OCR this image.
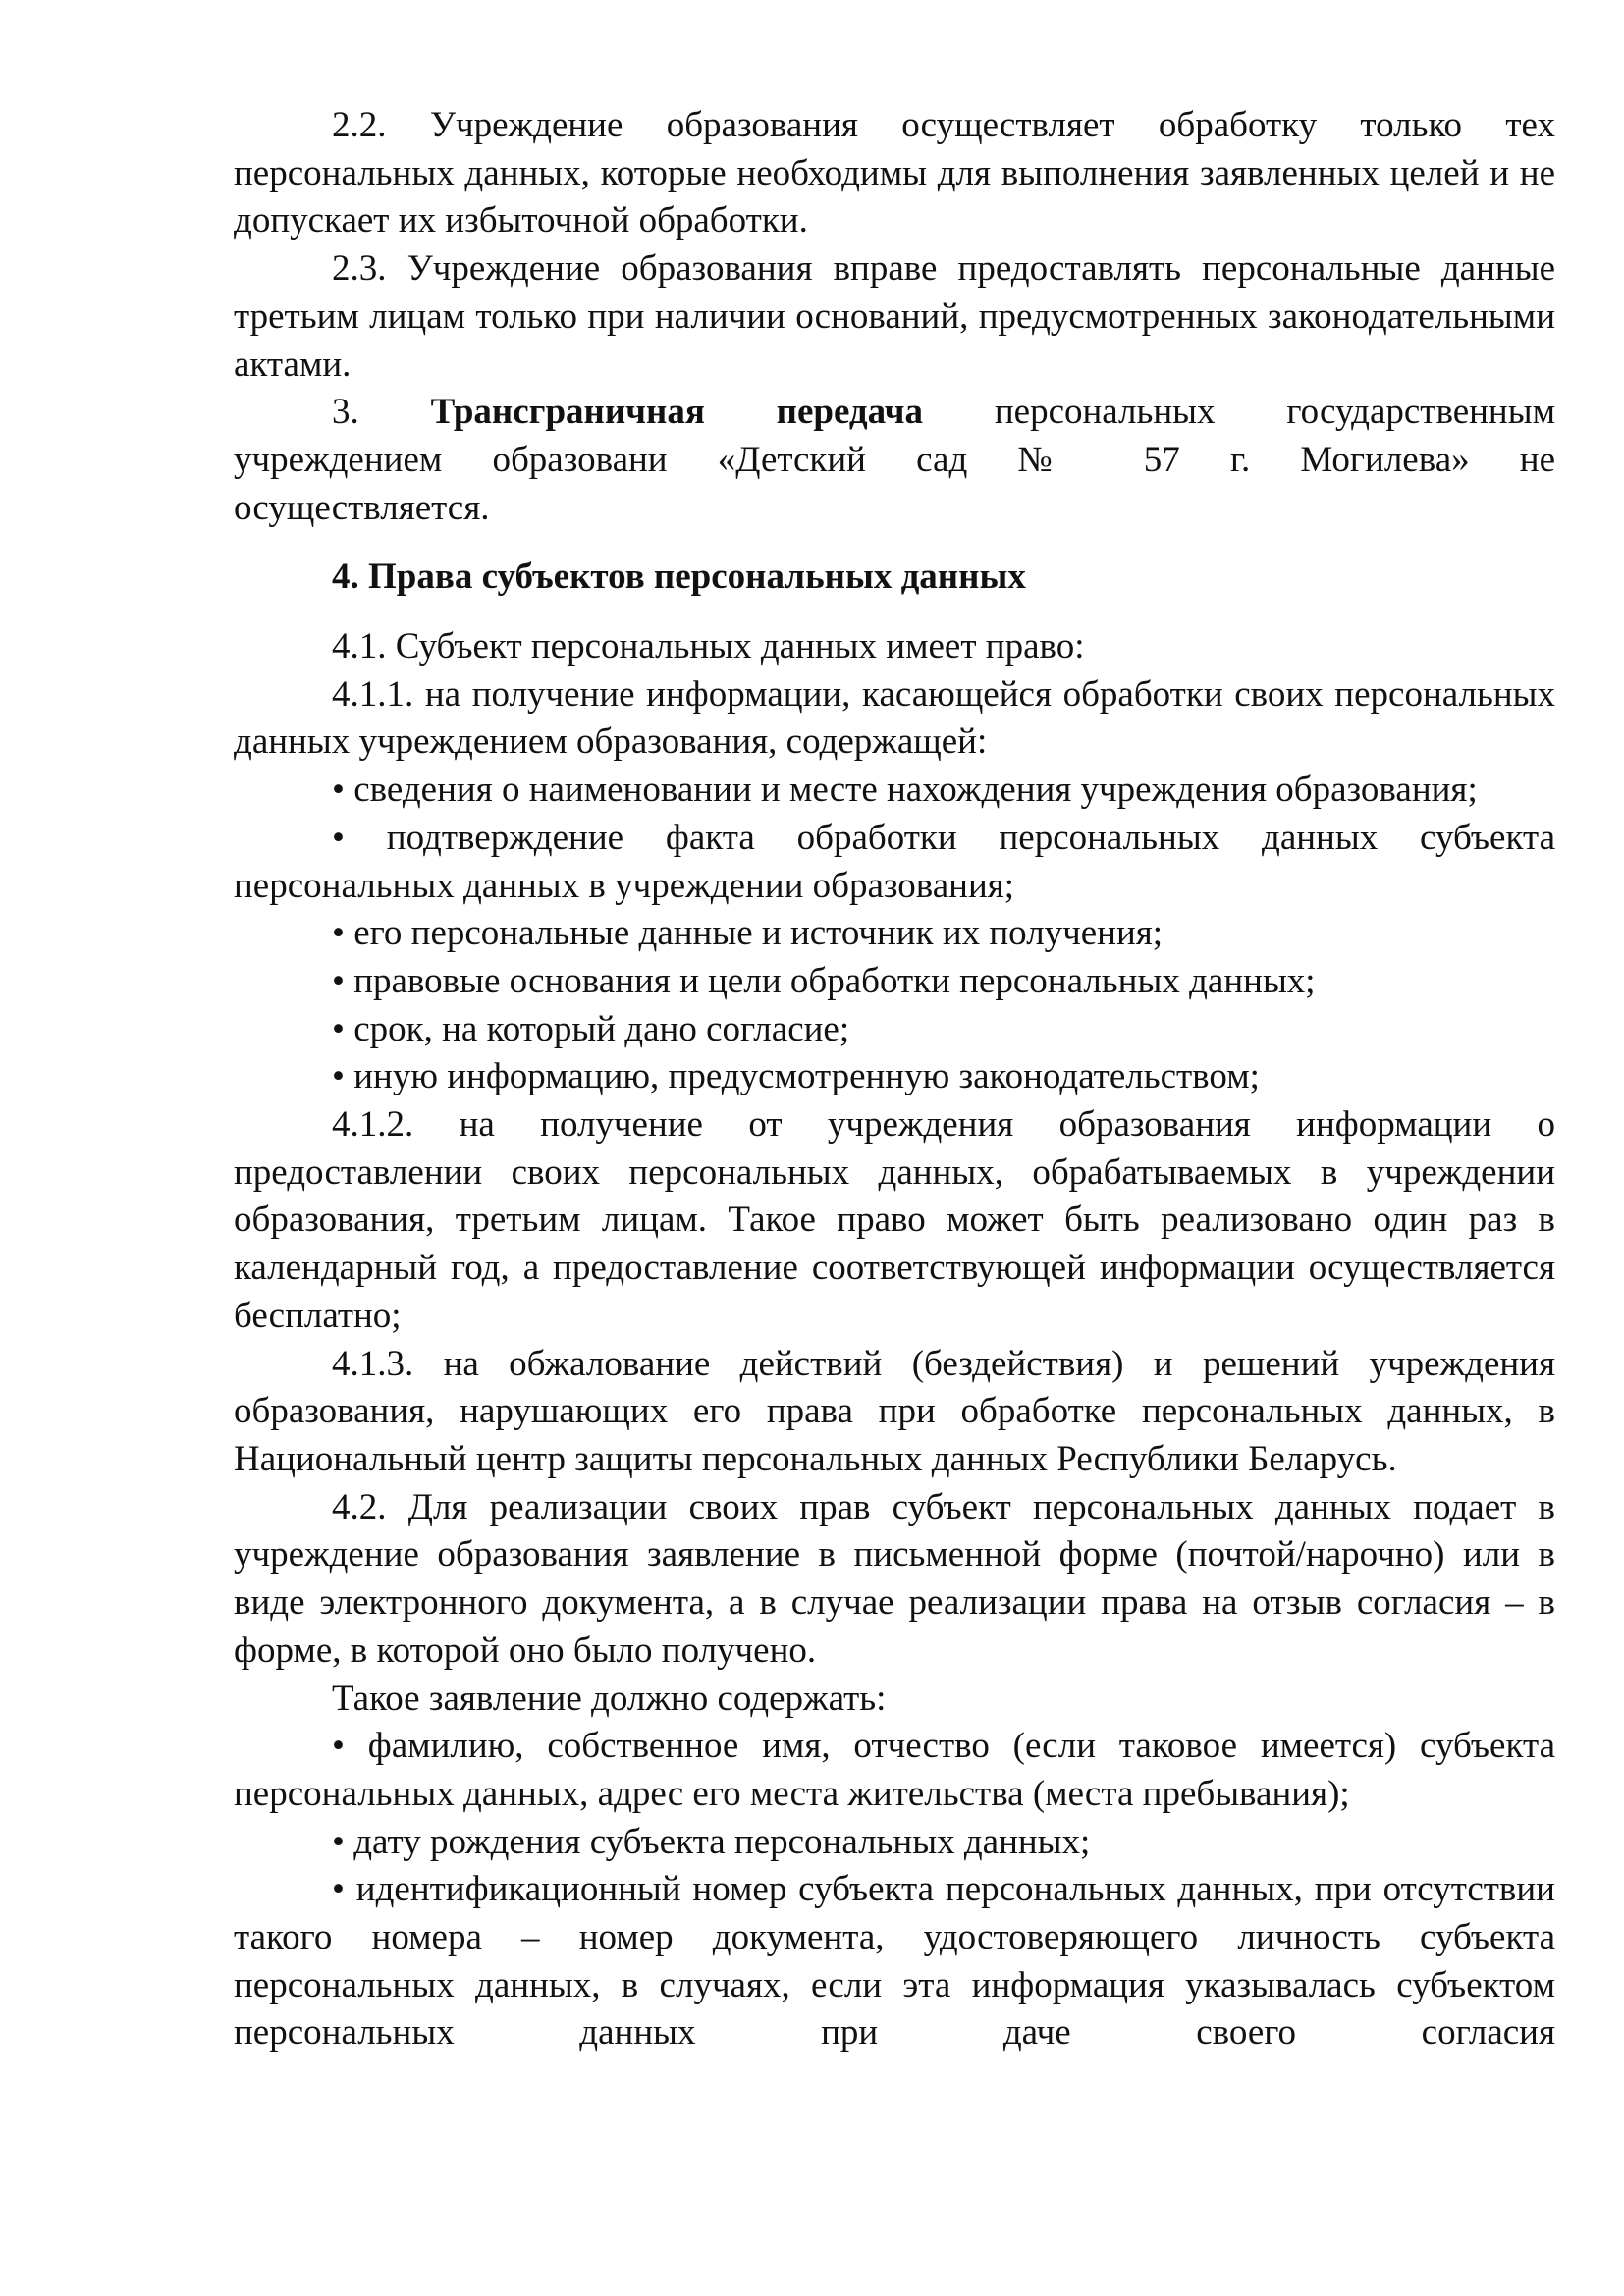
2.2. Учреждение образования осуществляет обработку только тех персональных данных, которые необходимы для выполнения заявленных целей и не допускает их избыточной обработки.

2.3. Учреждение образования вправе предоставлять персональные данные третьим лицам только при наличии оснований, предусмотренных законодательными актами.

3. Трансграничная передача персональных государственным

учреждением образовани «Детский сад № 57 г. Могилева» не

осуществляется.

4. Права субъектов персональных данных

4.1. Субъект персональных данных имеет право:

4.1.1. на получение информации, касающейся обработки своих персональных данных учреждением образования, содержащей:

• сведения о наименовании и месте нахождения учреждения образования;

• подтверждение факта обработки персональных данных субъекта персональных данных в учреждении образования;

• его персональные данные и источник их получения;

• правовые основания и цели обработки персональных данных;

• срок, на который дано согласие;

• иную информацию, предусмотренную законодательством;

4.1.2. на получение от учреждения образования информации о предоставлении своих персональных данных, обрабатываемых в учреждении образования, третьим лицам. Такое право может быть реализовано один раз в календарный год, а предоставление соответствующей информации осуществляется бесплатно;

4.1.3. на обжалование действий (бездействия) и решений учреждения образования, нарушающих его права при обработке персональных данных, в Национальный центр защиты персональных данных Республики Беларусь.

4.2. Для реализации своих прав субъект персональных данных подает в учреждение образования заявление в письменной форме (почтой/нарочно) или в виде электронного документа, а в случае реализации права на отзыв согласия – в форме, в которой оно было получено.

Такое заявление должно содержать:

• фамилию, собственное имя, отчество (если таковое имеется) субъекта персональных данных, адрес его места жительства (места пребывания);

• дату рождения субъекта персональных данных;

• идентификационный номер субъекта персональных данных, при отсутствии такого номера – номер документа, удостоверяющего личность субъекта персональных данных, в случаях, если эта информация указывалась субъектом персональных данных при даче своего согласия
